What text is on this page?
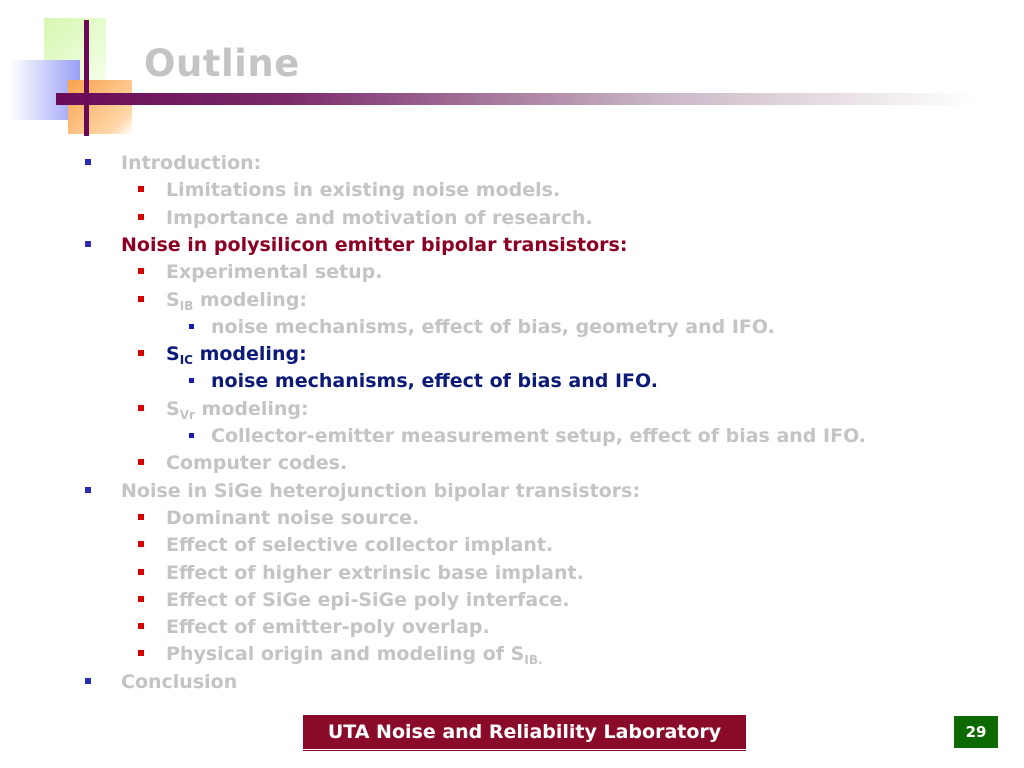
Outline
Introduction:
Limitations in existing noise models.
Importance and motivation of research.
Noise in polysilicon emitter bipolar transistors:
Experimental setup.
$S_{IB}$ modeling:
noise mechanisms, effect of bias, geometry and IFO.
$S_{IC}$ modeling:
noise mechanisms, effect of bias and IFO.
$S_{Vr}$ modeling:
Collector-emitter measurement setup, effect of bias and IFO.
Computer codes.
Noise in SiGe heterojunction bipolar transistors:
Dominant noise source.
Effect of selective collector implant.
Effect of higher extrinsic base implant.
Effect of SiGe epi-SiGe poly interface.
Effect of emitter-poly overlap.
Physical origin and modeling of $S_{IB.}$
Conclusion
UTA Noise and Reliability Laboratory	29
